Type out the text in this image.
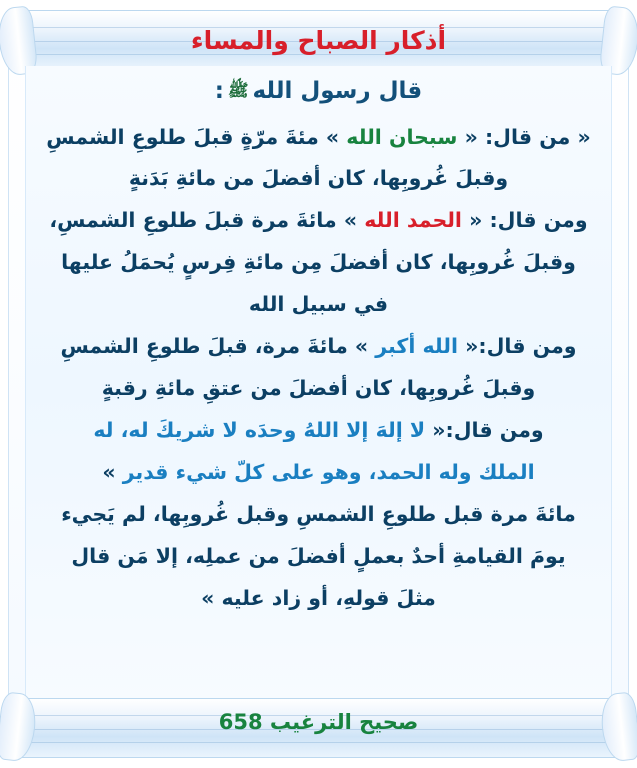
أذكار الصباح والمساء
قال رسول اللهﷺ:
« من قال: « سبحان الله » مئةَ مرّةٍ قبلَ طلوعِ الشمسِ
وقبلَ غُروبِها، كان أفضلَ من مائةِ بَدَنةٍ
ومن قال: « الحمد الله » مائةَ مرة قبلَ طلوعِ الشمسِ،
وقبلَ غُروبِها، كان أفضلَ مِن مائةِ فِرسٍ يُحمَلُ عليها
في سبيل الله
ومن قال:« الله أكبر » مائةَ مرة، قبلَ طلوعِ الشمسِ
وقبلَ غُروبِها، كان أفضلَ من عتقِ مائةِ رقبةٍ
ومن قال:« لا إلهَ إلا اللهُ وحدَه لا شريكَ له، له
الملك وله الحمد، وهو على كلّ شيء قدير »
مائةَ مرة قبل طلوعِ الشمسِ وقبل غُروبِها، لم يَجيء
يومَ القيامةِ أحدٌ بعملٍ أفضلَ من عملِه، إلا مَن قال
مثلَ قولهِ، أو زاد عليه »
صحيح الترغيب 658
